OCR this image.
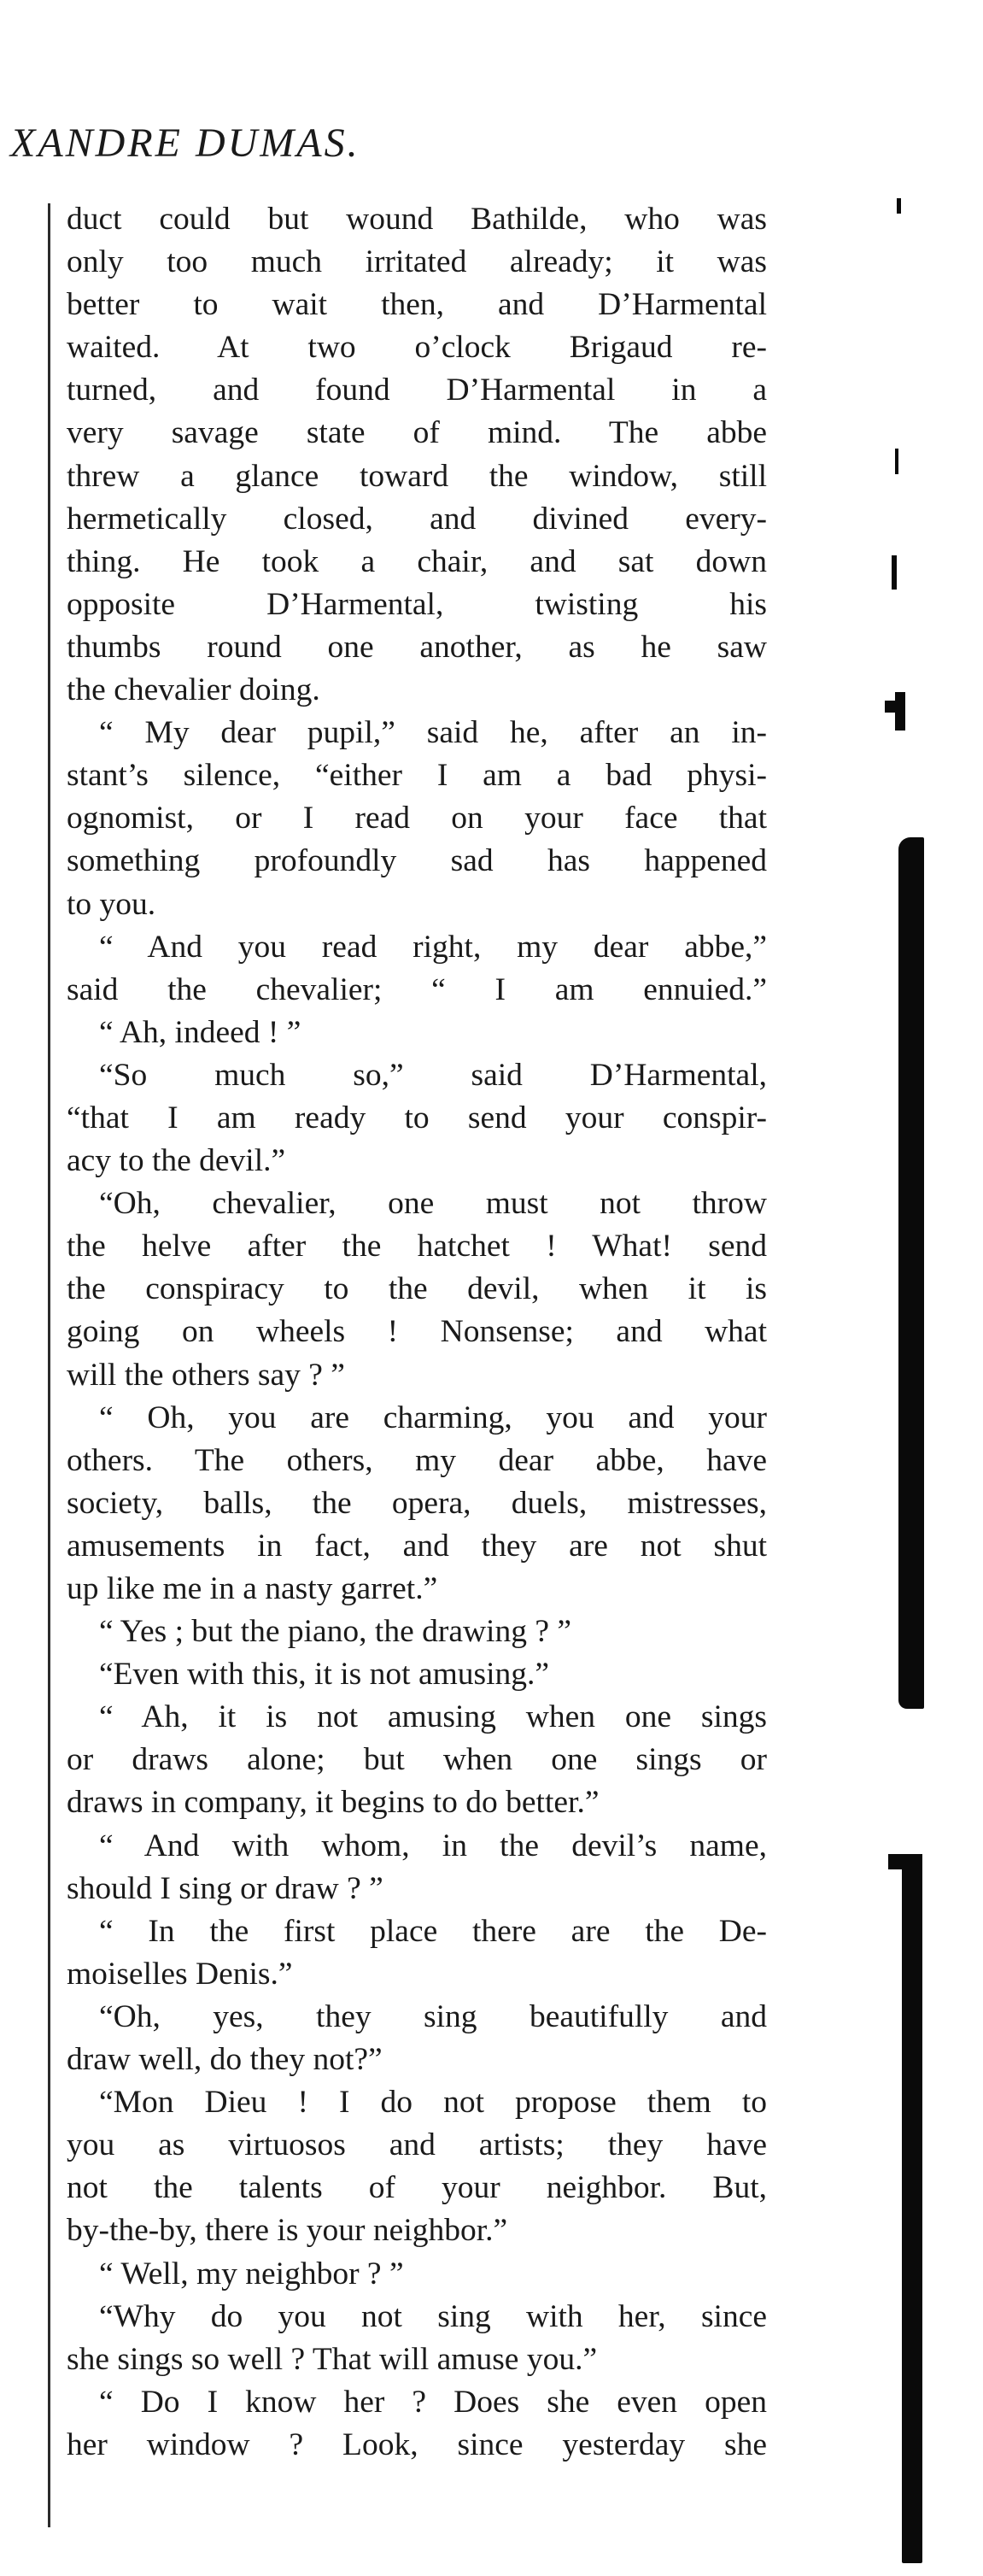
XANDRE DUMAS.
duct could but wound Bathilde, who was
only too much irritated already; it was
better to wait then, and D’Harmental
waited. At two o’clock Brigaud re-
turned, and found D’Harmental in a
very savage state of mind. The abbe
threw a glance toward the window, still
hermetically closed, and divined every-
thing. He took a chair, and sat down
opposite D’Harmental, twisting his
thumbs round one another, as he saw
the chevalier doing.
“ My dear pupil,” said he, after an in-
stant’s silence, “either I am a bad physi-
ognomist, or I read on your face that
something profoundly sad has happened
to you.
“ And you read right, my dear abbe,”
said the chevalier; “ I am ennuied.”
“ Ah, indeed ! ”
“So much so,” said D’Harmental,
“that I am ready to send your conspir-
acy to the devil.”
“Oh, chevalier, one must not throw
the helve after the hatchet ! What! send
the conspiracy to the devil, when it is
going on wheels ! Nonsense; and what
will the others say ? ”
“ Oh, you are charming, you and your
others. The others, my dear abbe, have
society, balls, the opera, duels, mistresses,
amusements in fact, and they are not shut
up like me in a nasty garret.”
“ Yes ; but the piano, the drawing ? ”
“Even with this, it is not amusing.”
“ Ah, it is not amusing when one sings
or draws alone; but when one sings or
draws in company, it begins to do better.”
“ And with whom, in the devil’s name,
should I sing or draw ? ”
“ In the first place there are the De-
moiselles Denis.”
“Oh, yes, they sing beautifully and
draw well, do they not?”
“Mon Dieu ! I do not propose them to
you as virtuosos and artists; they have
not the talents of your neighbor. But,
by-the-by, there is your neighbor.”
“ Well, my neighbor ? ”
“Why do you not sing with her, since
she sings so well ? That will amuse you.”
“ Do I know her ? Does she even open
her window ? Look, since yesterday she
